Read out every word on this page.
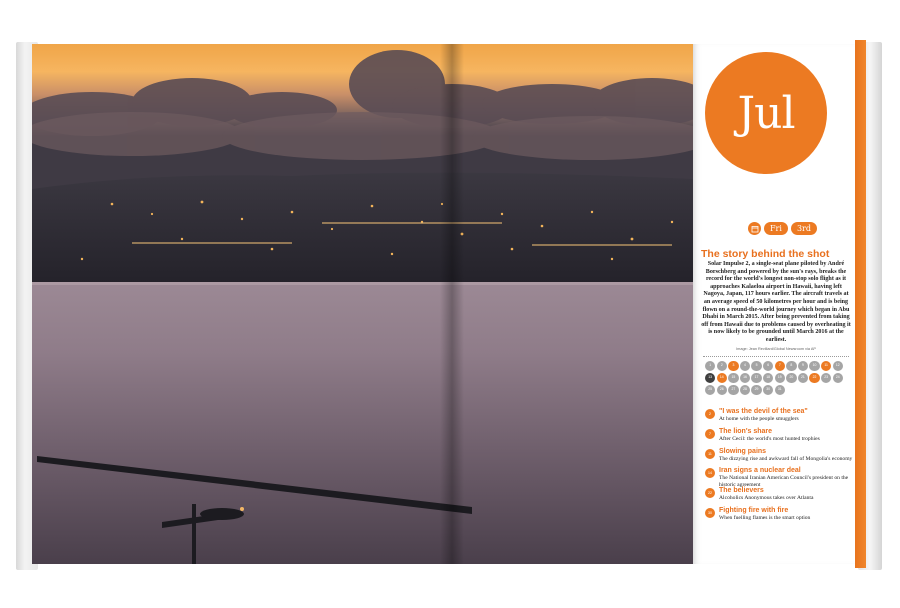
Jul
Fri	3rd
The story behind the shot
Solar Impulse 2, a single-seat plane piloted by André Borschberg and powered by the sun's rays, breaks the record for the world's longest non-stop solo flight as it approaches Kalaeloa airport in Hawaii, having left Nagoya, Japan, 117 hours earlier. The aircraft travels at an average speed of 50 kilometres per hour and is being flown on a round-the-world journey which began in Abu Dhabi in March 2015. After being prevented from taking off from Hawaii due to problems caused by overheating it is now likely to be grounded until March 2016 at the earliest.
Image: Jean Revillard/Global Newsroom via AP
1	2	3	4	5	6	7	8	9	10	11	12
13	14	15	16	17	18	19	20	21	22	23	24
25	26	27	28	29	30	31
2	"I was the devil of the sea"
At home with the people smugglers
7	The lion's share
After Cecil: the world's most hunted trophies
11	Slowing pains
The dizzying rise and awkward fall of Mongolia's economy
14	Iran signs a nuclear deal
The National Iranian American Council's president on the historic agreement
22	The believers
Alcoholics Anonymous takes over Atlanta
30	Fighting fire with fire
When fuelling flames is the smart option
